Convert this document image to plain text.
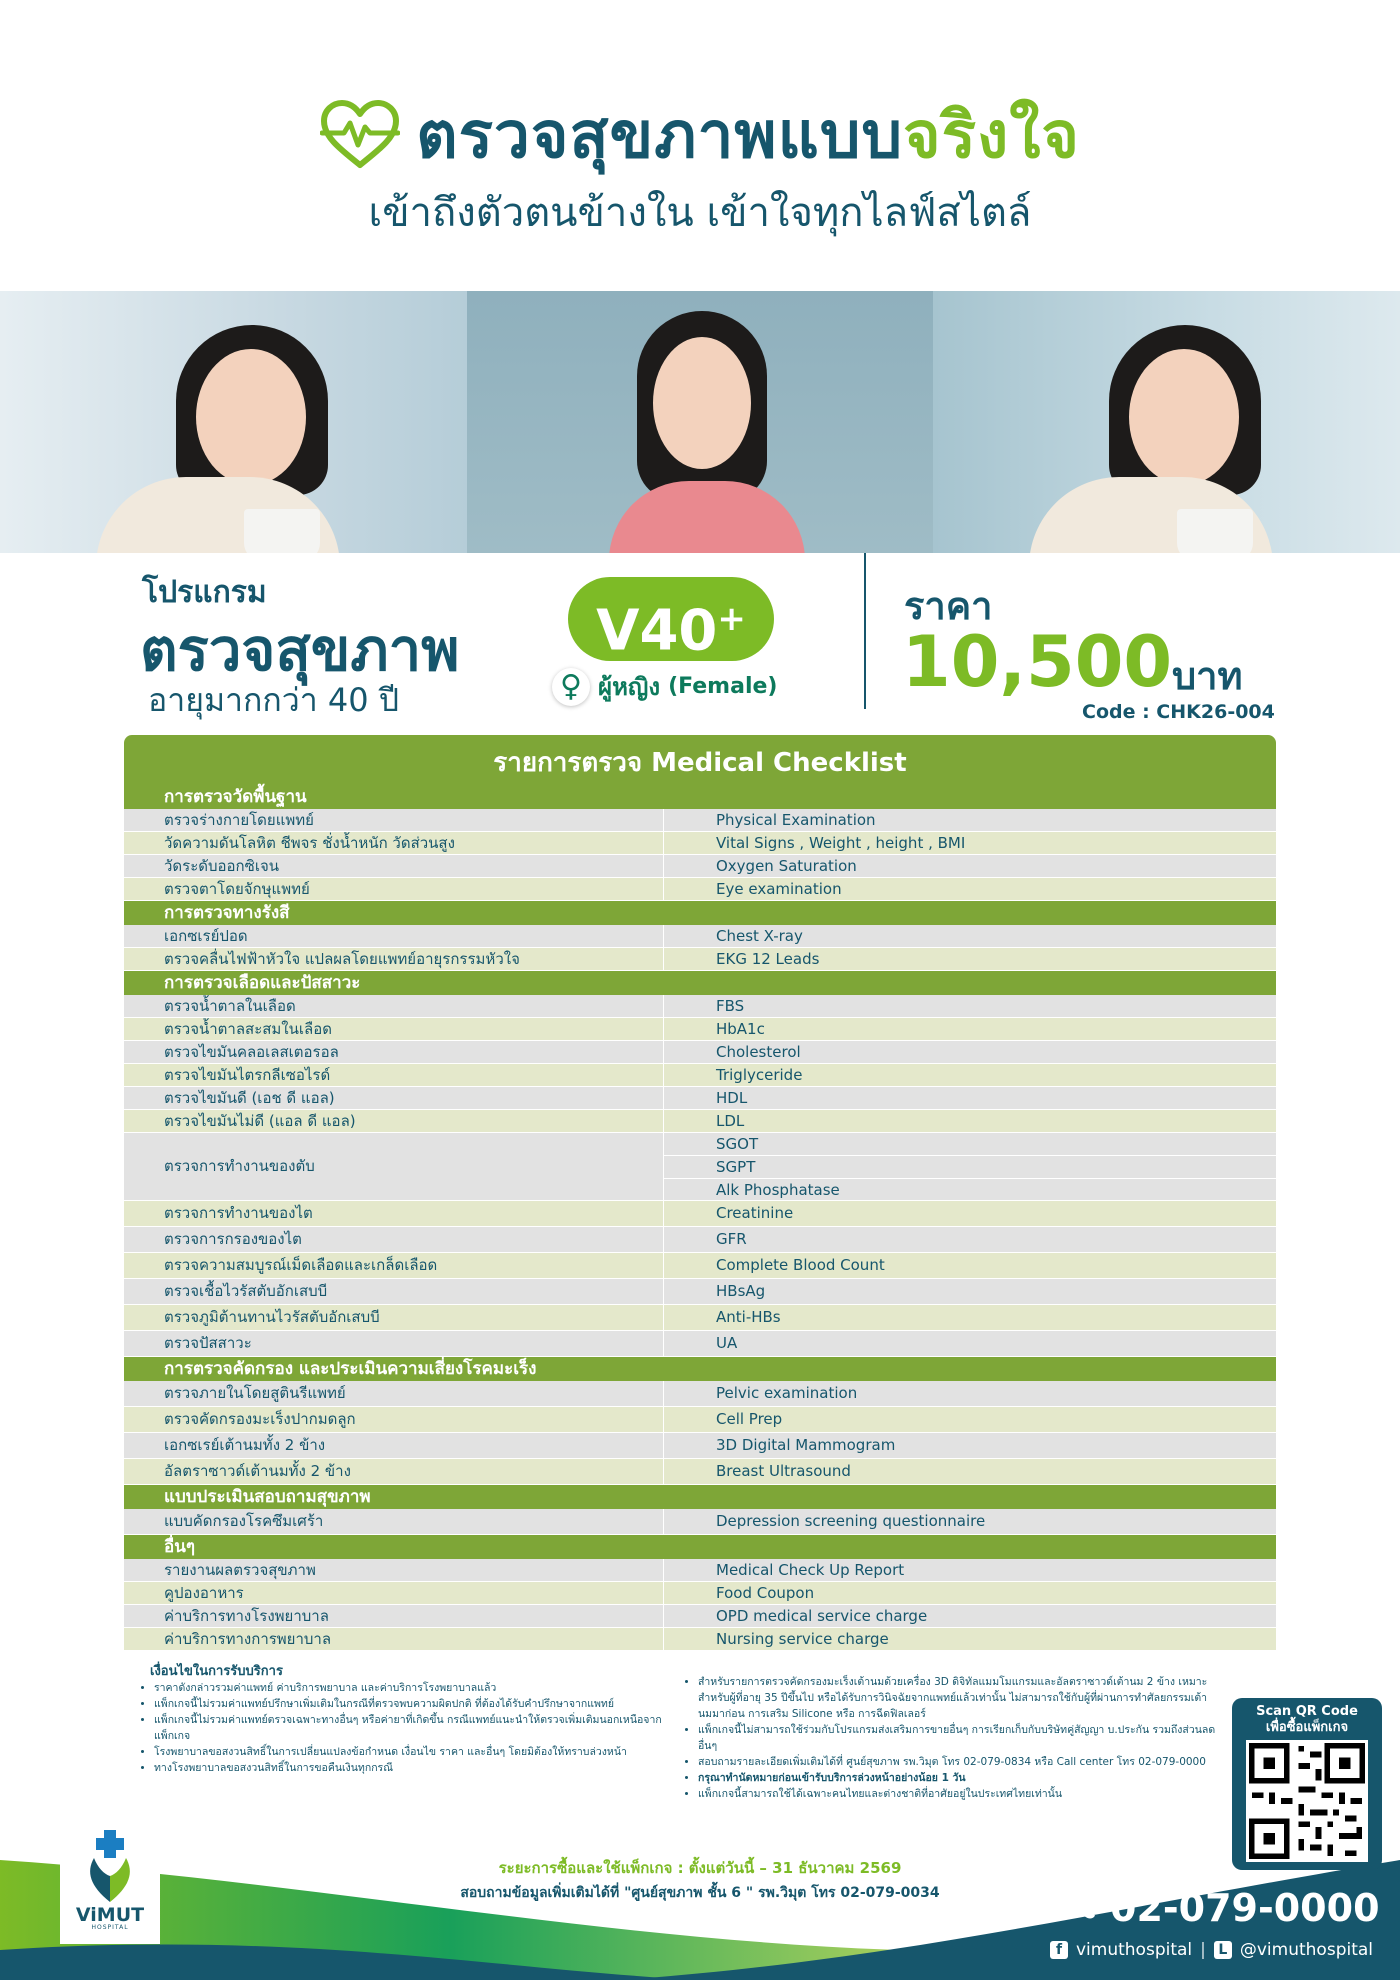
ตรวจสุขภาพแบบจริงใจ
เข้าถึงตัวตนข้างใน เข้าใจทุกไลฟ์สไตล์
โปรแกรม
ตรวจสุขภาพ
อายุมากกว่า 40 ปี
V40+
♀ ผู้หญิง (Female)
ราคา
10,500 บาท
Code : CHK26-004
รายการตรวจ Medical Checklist
การตรวจวัดพื้นฐาน
ตรวจร่างกายโดยแพทย์	Physical Examination
วัดความดันโลหิต ชีพจร ชั่งน้ำหนัก วัดส่วนสูง	Vital Signs , Weight , height , BMI
วัดระดับออกซิเจน	Oxygen Saturation
ตรวจตาโดยจักษุแพทย์	Eye examination
การตรวจทางรังสี
เอกซเรย์ปอด	Chest X-ray
ตรวจคลื่นไฟฟ้าหัวใจ แปลผลโดยแพทย์อายุรกรรมหัวใจ	EKG 12 Leads
การตรวจเลือดและปัสสาวะ
ตรวจน้ำตาลในเลือด	FBS
ตรวจน้ำตาลสะสมในเลือด	HbA1c
ตรวจไขมันคลอเลสเตอรอล	Cholesterol
ตรวจไขมันไตรกลีเซอไรด์	Triglyceride
ตรวจไขมันดี (เอช ดี แอล)	HDL
ตรวจไขมันไม่ดี (แอล ดี แอล)	LDL
ตรวจการทำงานของตับ
SGOT
SGPT
Alk Phosphatase
ตรวจการทำงานของไต	Creatinine
ตรวจการกรองของไต	GFR
ตรวจความสมบูรณ์เม็ดเลือดและเกล็ดเลือด	Complete Blood Count
ตรวจเชื้อไวรัสตับอักเสบบี	HBsAg
ตรวจภูมิต้านทานไวรัสตับอักเสบบี	Anti-HBs
ตรวจปัสสาวะ	UA
การตรวจคัดกรอง และประเมินความเสี่ยงโรคมะเร็ง
ตรวจภายในโดยสูตินรีแพทย์	Pelvic examination
ตรวจคัดกรองมะเร็งปากมดลูก	Cell Prep
เอกซเรย์เต้านมทั้ง 2 ข้าง	3D Digital Mammogram
อัลตราซาวด์เต้านมทั้ง 2 ข้าง	Breast Ultrasound
แบบประเมินสอบถามสุขภาพ
แบบคัดกรองโรคซึมเศร้า	Depression screening questionnaire
อื่นๆ
รายงานผลตรวจสุขภาพ	Medical Check Up Report
คูปองอาหาร	Food Coupon
ค่าบริการทางโรงพยาบาล	OPD medical service charge
ค่าบริการทางการพยาบาล	Nursing service charge
เงื่อนไขในการรับบริการ
• ราคาดังกล่าวรวมค่าแพทย์ ค่าบริการพยาบาล และค่าบริการโรงพยาบาลแล้ว
• แพ็กเกจนี้ไม่รวมค่าแพทย์ปรึกษาเพิ่มเติมในกรณีที่ตรวจพบความผิดปกติ ที่ต้องได้รับคำปรึกษาจากแพทย์
• แพ็กเกจนี้ไม่รวมค่าแพทย์ตรวจเฉพาะทางอื่นๆ หรือค่ายาที่เกิดขึ้น กรณีแพทย์แนะนำให้ตรวจเพิ่มเติมนอกเหนือจากแพ็กเกจ
• โรงพยาบาลขอสงวนสิทธิ์ในการเปลี่ยนแปลงข้อกำหนด เงื่อนไข ราคา และอื่นๆ โดยมิต้องให้ทราบล่วงหน้า
• ทางโรงพยาบาลขอสงวนสิทธิ์ในการขอคืนเงินทุกกรณี
• สำหรับรายการตรวจคัดกรองมะเร็งเต้านมด้วยเครื่อง 3D ดิจิทัลแมมโมแกรมและอัลตราซาวด์เต้านม 2 ข้าง เหมาะสำหรับผู้ที่อายุ 35 ปีขึ้นไป หรือได้รับการวินิจฉัยจากแพทย์แล้วเท่านั้น ไม่สามารถใช้กับผู้ที่ผ่านการทำศัลยกรรมเต้านมมาก่อน การเสริม Silicone หรือ การฉีดฟิลเลอร์
• แพ็กเกจนี้ไม่สามารถใช้ร่วมกับโปรแกรมส่งเสริมการขายอื่นๆ การเรียกเก็บกับบริษัทคู่สัญญา บ.ประกัน รวมถึงส่วนลดอื่นๆ
• สอบถามรายละเอียดเพิ่มเติมได้ที่ ศูนย์สุขภาพ รพ.วิมุต โทร 02-079-0834 หรือ Call center โทร 02-079-0000
• กรุณาทำนัดหมายก่อนเข้ารับบริการล่วงหน้าอย่างน้อย 1 วัน
• แพ็กเกจนี้สามารถใช้ได้เฉพาะคนไทยและต่างชาติที่อาศัยอยู่ในประเทศไทยเท่านั้น
Scan QR Code
เพื่อซื้อแพ็กเกจ
ViMUT
HOSPITAL
ระยะการซื้อและใช้แพ็กเกจ : ตั้งแต่วันนี้ – 31 ธันวาคม 2569
สอบถามข้อมูลเพิ่มเติมได้ที่ "ศูนย์สุขภาพ ชั้น 6 " รพ.วิมุต โทร 02-079-0034	02-079-0000
f vimuthospital | L @vimuthospital
